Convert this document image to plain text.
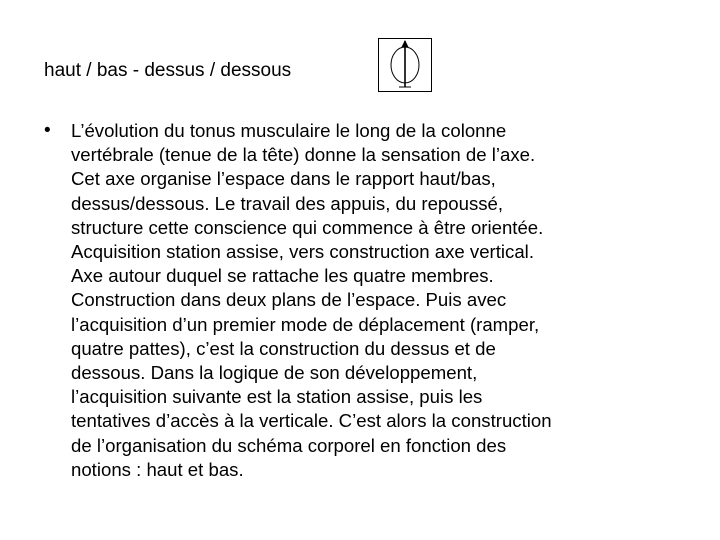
haut / bas - dessus / dessous
• L’évolution du tonus musculaire le long de la colonne
vertébrale (tenue de la tête) donne la sensation de l’axe.
Cet axe organise l’espace dans le rapport haut/bas,
dessus/dessous. Le travail des appuis, du repoussé,
structure cette conscience qui commence à être orientée.
Acquisition station assise, vers construction axe vertical.
Axe autour duquel se rattache les quatre membres.
Construction dans deux plans de l’espace. Puis avec
l’acquisition d’un premier mode de déplacement (ramper,
quatre pattes), c’est la construction du dessus et de
dessous. Dans la logique de son développement,
l’acquisition suivante est la station assise, puis les
tentatives d’accès à la verticale. C’est alors la construction
de l’organisation du schéma corporel en fonction des
notions : haut et bas.
